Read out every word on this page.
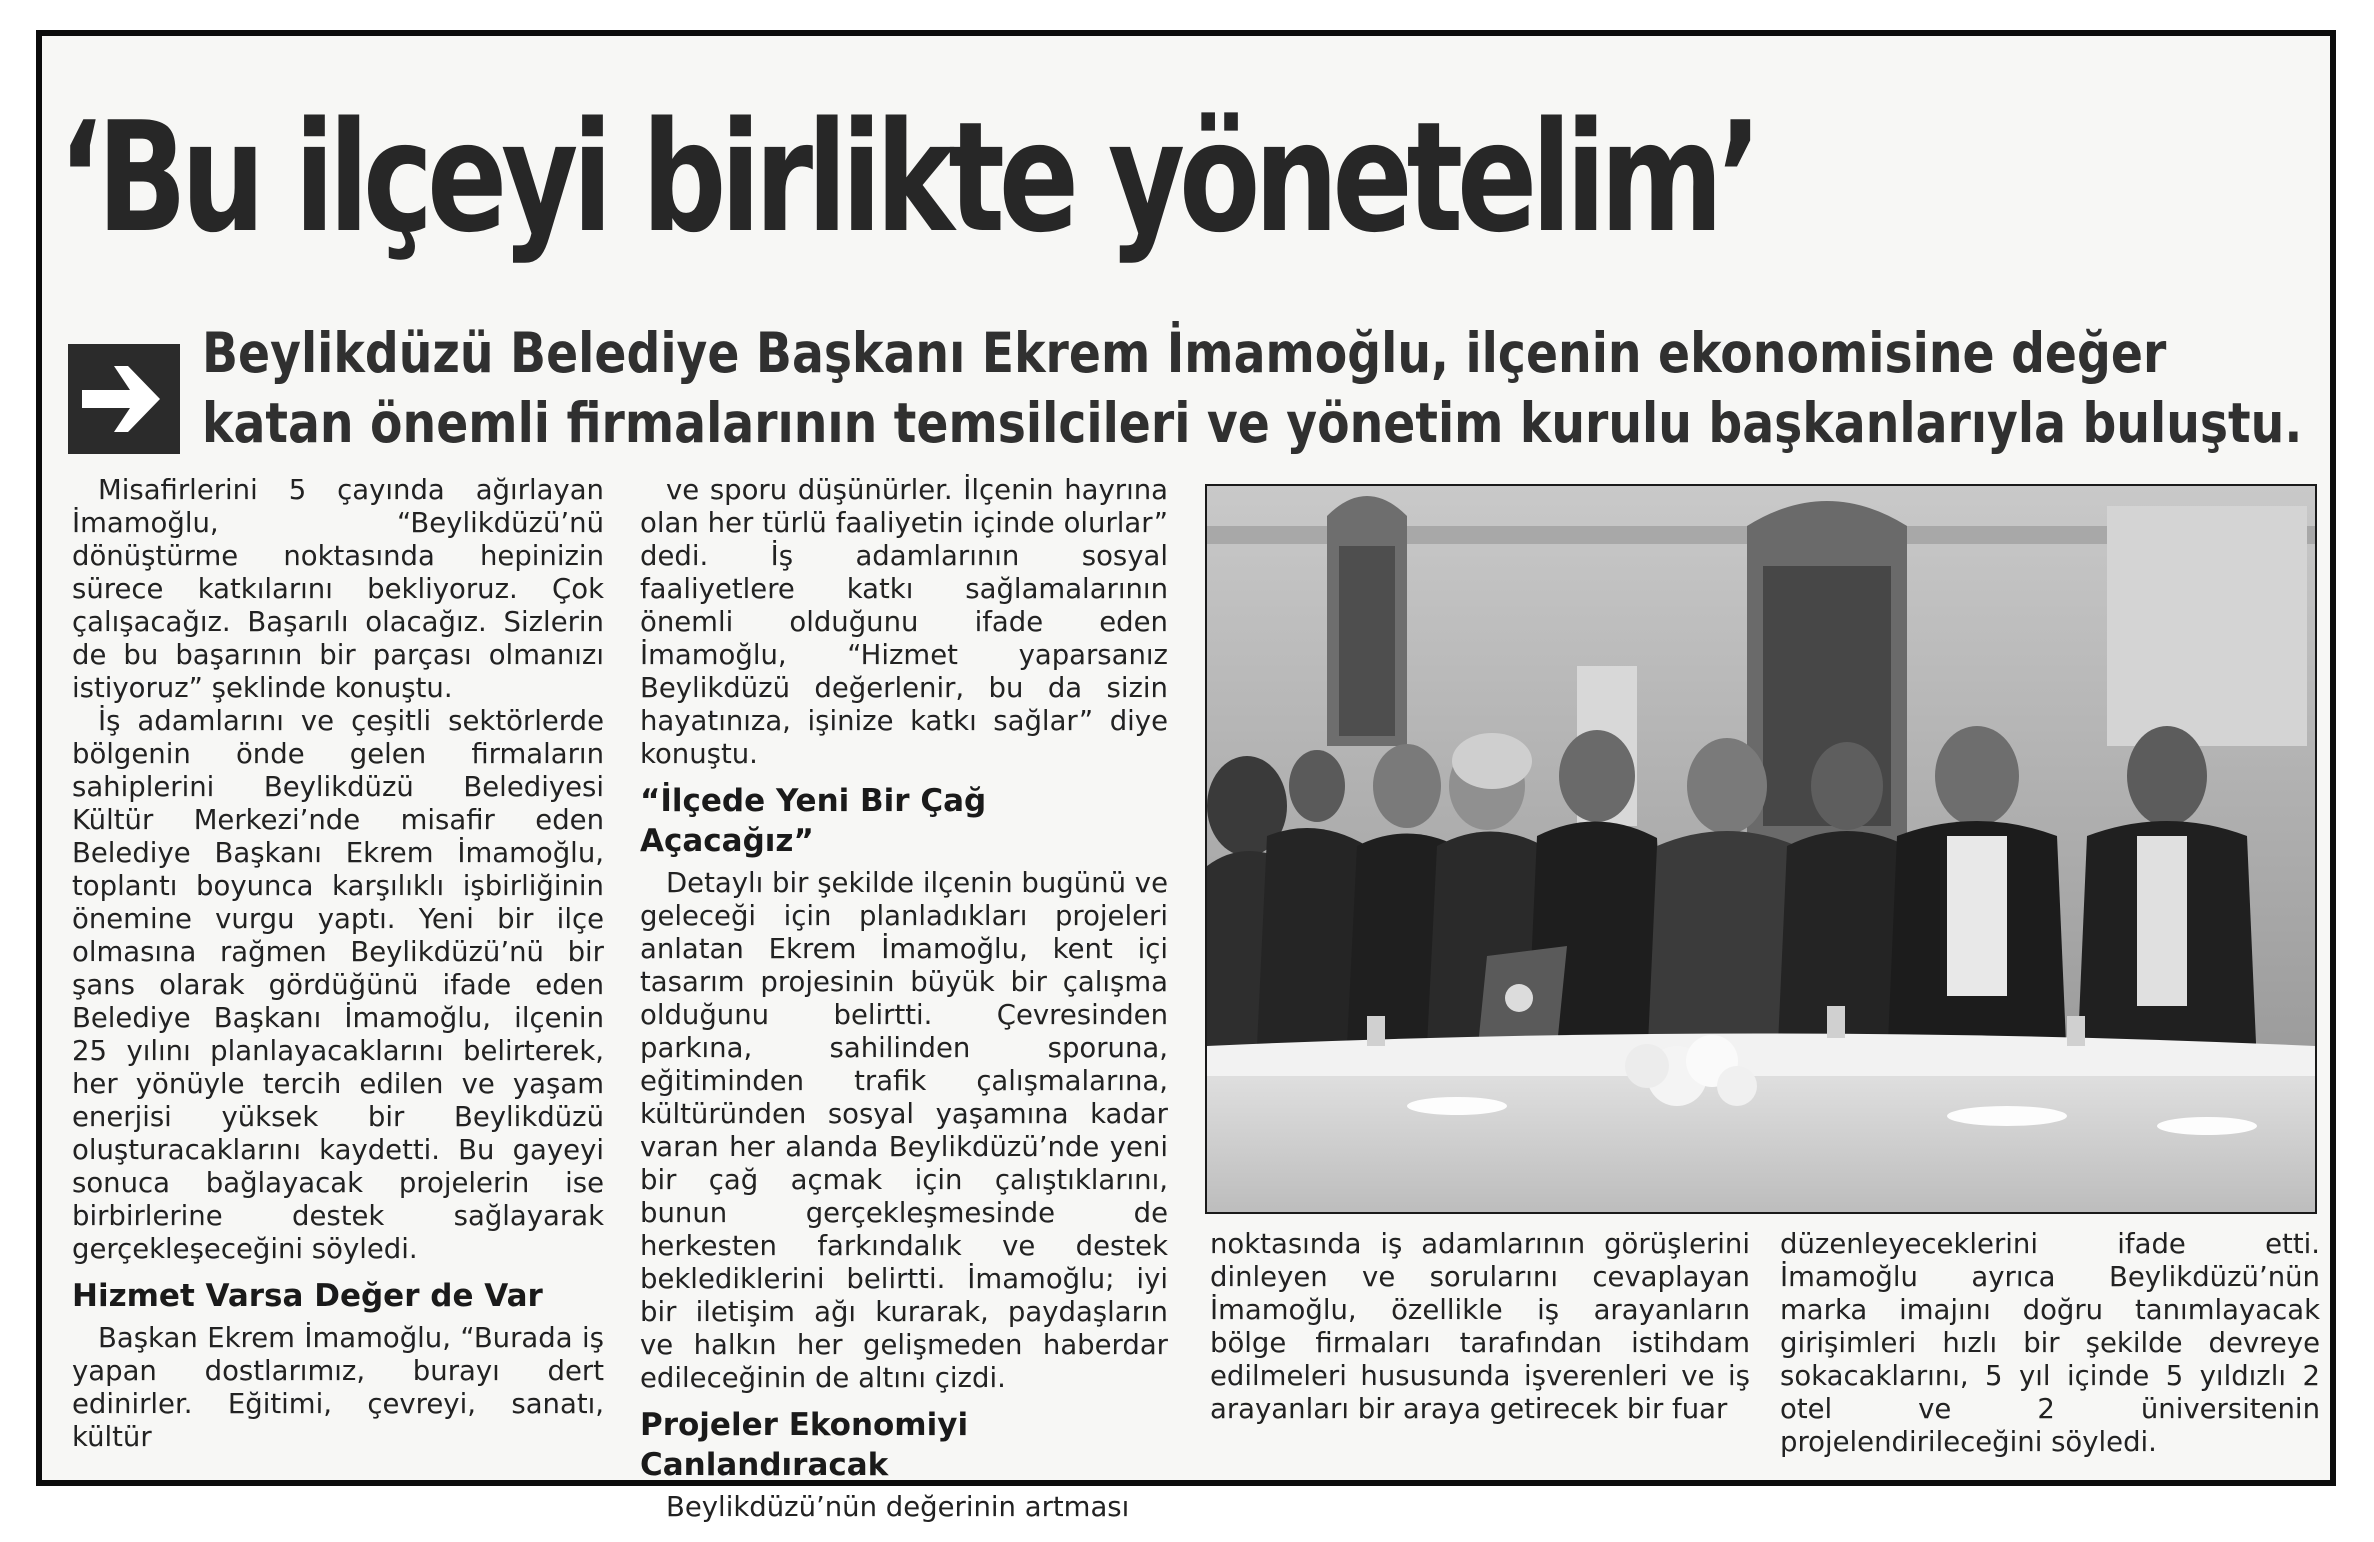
‘Bu ilçeyi birlikte yönetelim’
Beylikdüzü Belediye Başkanı Ekrem İmamoğlu, ilçenin ekonomisine değer
katan önemli firmalarının temsilcileri ve yönetim kurulu başkanlarıyla buluştu.

Misafirlerini 5 çayında ağırlayan İmamoğlu, “Beylikdüzü’nü dönüştürme noktasında hepinizin sürece katkılarını bekliyoruz. Çok çalışacağız. Başarılı olacağız. Sizlerin de bu başarının bir parçası olmanızı istiyoruz” şeklinde konuştu.

İş adamlarını ve çeşitli sektörlerde bölgenin önde gelen firmaların sahiplerini Beylikdüzü Belediyesi Kültür Merkezi’nde misafir eden Belediye Başkanı Ekrem İmamoğlu, toplantı boyunca karşılıklı işbirliğinin önemine vurgu yaptı. Yeni bir ilçe olmasına rağmen Beylikdüzü’nü bir şans olarak gördüğünü ifade eden Belediye Başkanı İmamoğlu, ilçenin 25 yılını planlayacaklarını belirterek, her yönüyle tercih edilen ve yaşam enerjisi yüksek bir Beylikdüzü oluşturacaklarını kaydetti. Bu gayeyi sonuca bağlayacak projelerin ise birbirlerine destek sağlayarak gerçekleşeceğini söyledi.

Hizmet Varsa Değer de Var

Başkan Ekrem İmamoğlu, “Burada iş yapan dostlarımız, burayı dert edinirler. Eğitimi, çevreyi, sanatı, kültür

ve sporu düşünürler. İlçenin hayrına olan her türlü faaliyetin içinde olurlar” dedi. İş adamlarının sosyal faaliyetlere katkı sağlamalarının önemli olduğunu ifade eden İmamoğlu, “Hizmet yaparsanız Beylikdüzü değerlenir, bu da sizin hayatınıza, işinize katkı sağlar” diye konuştu.

“İlçede Yeni Bir Çağ Açacağız”

Detaylı bir şekilde ilçenin bugünü ve geleceği için planladıkları projeleri anlatan Ekrem İmamoğlu, kent içi tasarım projesinin büyük bir çalışma olduğunu belirtti. Çevresinden parkına, sahilinden sporuna, eğitiminden trafik çalışmalarına, kültüründen sosyal yaşamına kadar varan her alanda Beylikdüzü’nde yeni bir çağ açmak için çalıştıklarını, bunun gerçekleşmesinde de herkesten farkındalık ve destek beklediklerini belirtti. İmamoğlu; iyi bir iletişim ağı kurarak, paydaşların ve halkın her gelişmeden haberdar edileceğinin de altını çizdi.

Projeler Ekonomiyi Canlandıracak

Beylikdüzü’nün değerinin artması

noktasında iş adamlarının görüşlerini dinleyen ve sorularını cevaplayan İmamoğlu, özellikle iş arayanların bölge firmaları tarafından istihdam edilmeleri hususunda işverenleri ve iş arayanları bir araya getirecek bir fuar

düzenleyeceklerini ifade etti. İmamoğlu ayrıca Beylikdüzü’nün marka imajını doğru tanımlayacak girişimleri hızlı bir şekilde devreye sokacaklarını, 5 yıl içinde 5 yıldızlı 2 otel ve 2 üniversitenin projelendirileceğini söyledi.
